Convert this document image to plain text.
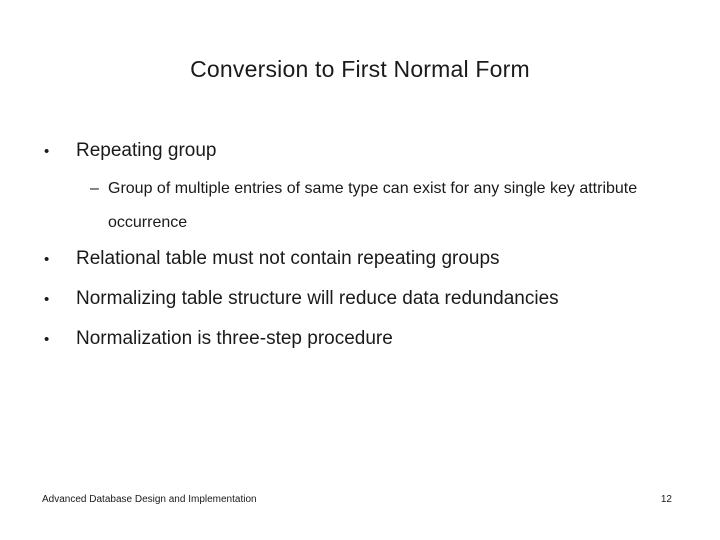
Conversion to First Normal Form
•	Repeating group
– Group of multiple entries of same type can exist for any single key attribute occurrence
•	Relational table must not contain repeating groups
•	Normalizing table structure will reduce data redundancies
•	Normalization is three-step procedure
Advanced Database Design and Implementation	12
